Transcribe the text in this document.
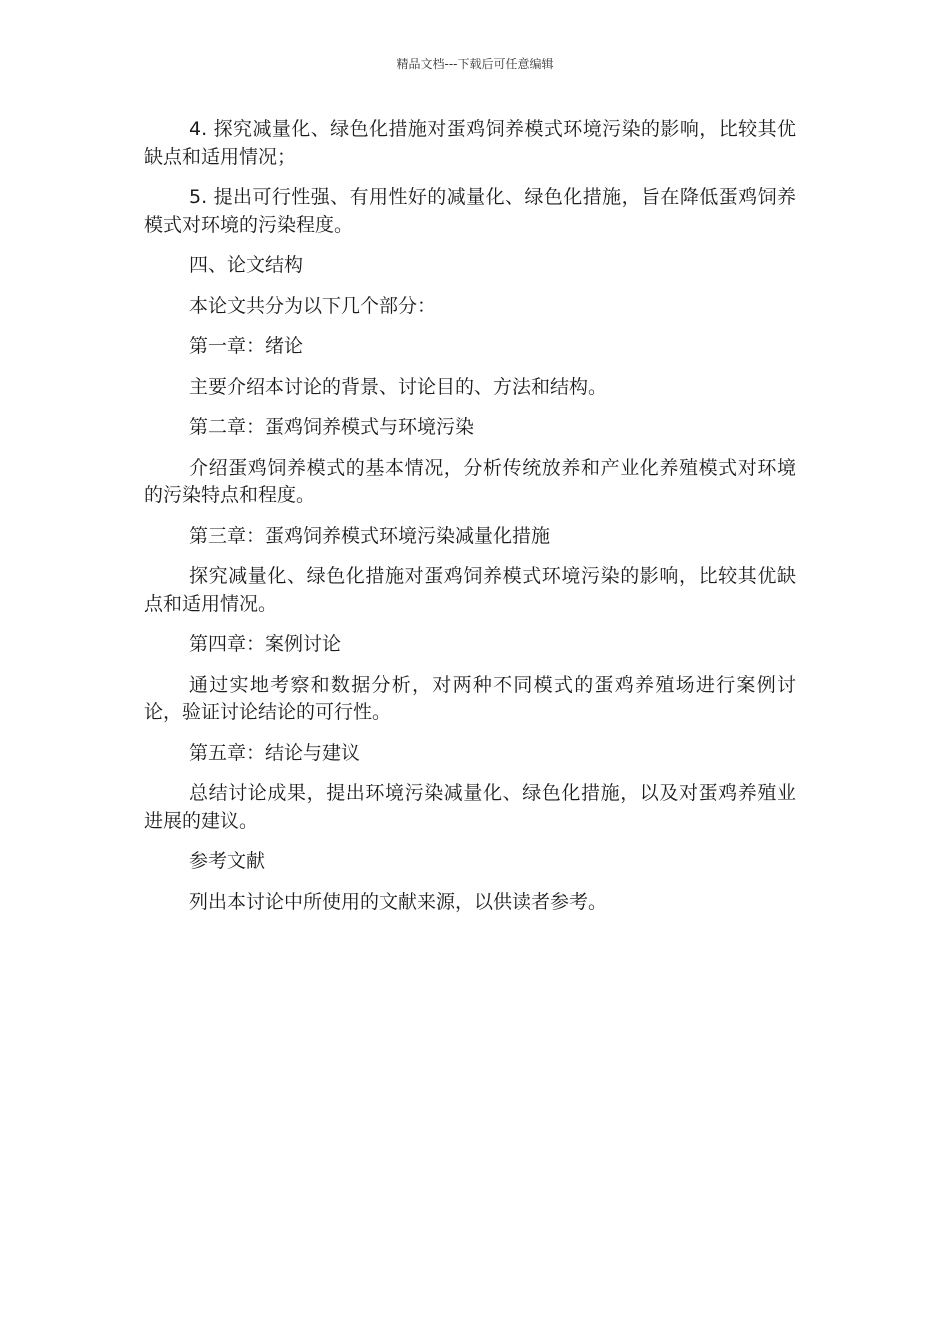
精品文档---下载后可任意编辑

4. 探究减量化、绿色化措施对蛋鸡饲养模式环境污染的影响，比较其优缺点和适用情况；

5. 提出可行性强、有用性好的减量化、绿色化措施，旨在降低蛋鸡饲养模式对环境的污染程度。

四、论文结构

本论文共分为以下几个部分：

第一章：绪论

主要介绍本讨论的背景、讨论目的、方法和结构。

第二章：蛋鸡饲养模式与环境污染

介绍蛋鸡饲养模式的基本情况，分析传统放养和产业化养殖模式对环境的污染特点和程度。

第三章：蛋鸡饲养模式环境污染减量化措施

探究减量化、绿色化措施对蛋鸡饲养模式环境污染的影响，比较其优缺点和适用情况。

第四章：案例讨论

通过实地考察和数据分析，对两种不同模式的蛋鸡养殖场进行案例讨论，验证讨论结论的可行性。

第五章：结论与建议

总结讨论成果，提出环境污染减量化、绿色化措施，以及对蛋鸡养殖业进展的建议。

参考文献

列出本讨论中所使用的文献来源，以供读者参考。
